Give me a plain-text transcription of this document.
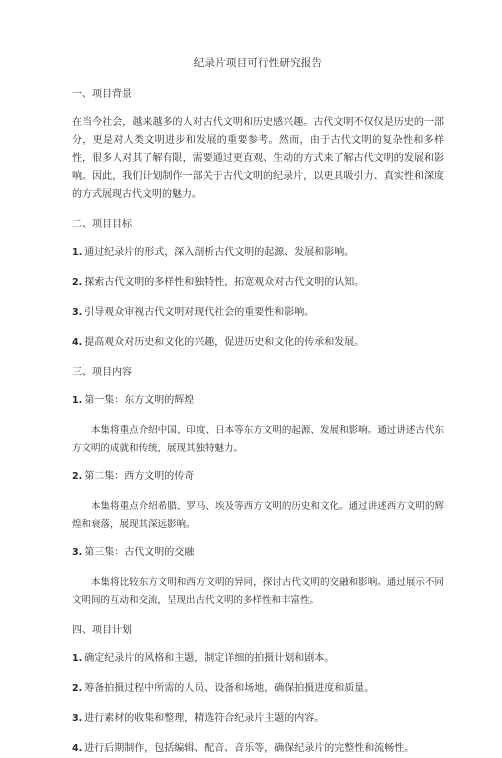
纪录片项目可行性研究报告
一、项目背景

在当今社会，越来越多的人对古代文明和历史感兴趣。古代文明不仅仅是历史的一部分，更是对人类文明进步和发展的重要参考。然而，由于古代文明的复杂性和多样性，很多人对其了解有限，需要通过更直观、生动的方式来了解古代文明的发展和影响。因此，我们计划制作一部关于古代文明的纪录片，以更具吸引力、真实性和深度的方式展现古代文明的魅力。

二、项目目标

1. 通过纪录片的形式，深入剖析古代文明的起源、发展和影响。

2. 探索古代文明的多样性和独特性，拓宽观众对古代文明的认知。

3. 引导观众审视古代文明对现代社会的重要性和影响。

4. 提高观众对历史和文化的兴趣，促进历史和文化的传承和发展。

三、项目内容

1. 第一集：东方文明的辉煌

本集将重点介绍中国、印度、日本等东方文明的起源、发展和影响。通过讲述古代东方文明的成就和传统，展现其独特魅力。

2. 第二集：西方文明的传奇

本集将重点介绍希腊、罗马、埃及等西方文明的历史和文化。通过讲述西方文明的辉煌和衰落，展现其深远影响。

3. 第三集：古代文明的交融

本集将比较东方文明和西方文明的异同，探讨古代文明的交融和影响。通过展示不同文明间的互动和交流，呈现出古代文明的多样性和丰富性。

四、项目计划

1. 确定纪录片的风格和主题，制定详细的拍摄计划和剧本。

2. 筹备拍摄过程中所需的人员、设备和场地，确保拍摄进度和质量。

3. 进行素材的收集和整理，精选符合纪录片主题的内容。

4. 进行后期制作，包括编辑、配音、音乐等，确保纪录片的完整性和流畅性。
